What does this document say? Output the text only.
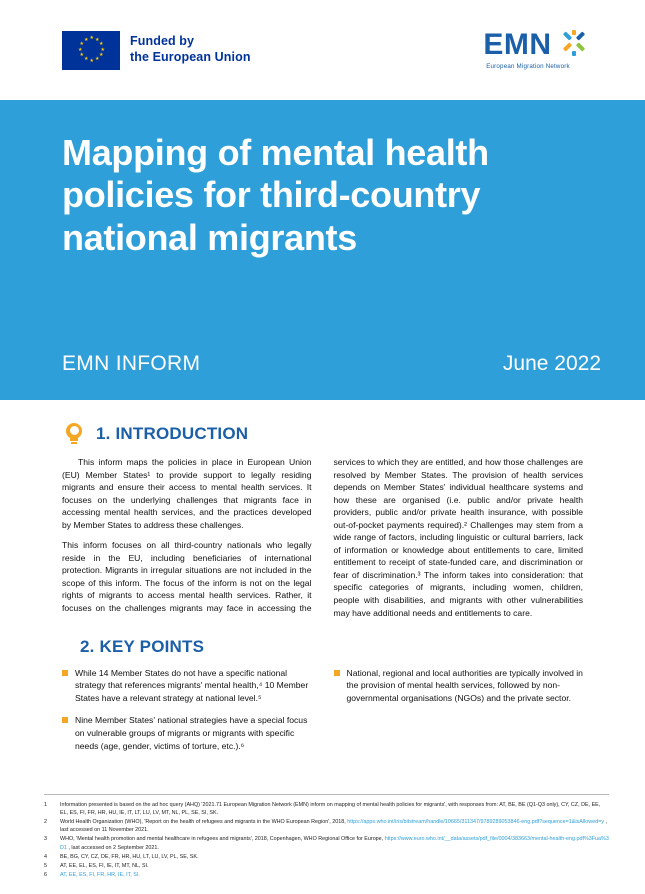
★ ★
★
★
★
★
★
★
★
★
★
★	Funded by
the European Union	EMN
European Migration Network
Mapping of mental health policies for third-country national migrants
EMN INFORM	June 2022
1. INTRODUCTION

This inform maps the policies in place in European Union (EU) Member States¹ to provide support to legally residing migrants and ensure their access to mental health services. It focuses on the underlying challenges that migrants face in accessing mental health services, and the practices developed by Member States to address these challenges.

This inform focuses on all third-country nationals who legally reside in the EU, including beneficiaries of international protection. Migrants in irregular situations are not included in the scope of this inform. The focus of the inform is not on the legal rights of migrants to access mental health services. Rather, it focuses on the challenges migrants may face in accessing the services to which they are entitled, and how those challenges are resolved by Member States. The provision of health services depends on Member States' individual healthcare systems and how these are organised (i.e. public and/or private health providers, public and/or private health insurance, with possible out-of-pocket payments required).² Challenges may stem from a wide range of factors, including linguistic or cultural barriers, lack of information or knowledge about entitlements to care, limited entitlement to receipt of state-funded care, and discrimination or fear of discrimination.³ The inform takes into consideration: that specific categories of migrants, including women, children, people with disabilities, and migrants with other vulnerabilities may have additional needs and entitlements to care.

2. KEY POINTS
While 14 Member States do not have a specific national strategy that references migrants' mental health,⁴ 10 Member States have a relevant strategy at national level.⁵
Nine Member States' national strategies have a special focus on vulnerable groups of migrants or migrants with specific needs (age, gender, victims of torture, etc.).⁶
National, regional and local authorities are typically involved in the provision of mental health services, followed by non-governmental organisations (NGOs) and the private sector.
1	Information presented is based on the ad hoc query (AHQ) '2021.71 European Migration Network (EMN) inform on mapping of mental health policies for migrants', with responses from: AT, BE, BE (Q1-Q3 only), CY, CZ, DE, EE, EL, ES, FI, FR, HR, HU, IE, IT, LT, LU, LV, MT, NL, PL, SE, SI, SK.
2	World Health Organization (WHO), 'Report on the health of refugees and migrants in the WHO European Region', 2018, https://apps.who.int/iris/bitstream/handle/10665/311347/9789289053846-eng.pdf?sequence=1&isAllowed=y , last accessed on 11 November 2021.
3	WHO, 'Mental health promotion and mental healthcare in refugees and migrants', 2018, Copenhagen, WHO Regional Office for Europe, https://www.euro.who.int/__data/assets/pdf_file/0004/383663/mental-health-eng.pdf%3Fua%3D1 , last accessed on 2 September 2021.
4	BE, BG, CY, CZ, DE, FR, HR, HU, LT, LU, LV, PL, SE, SK.
5	AT, EE, EL, ES, FI, IE, IT, MT, NL, SI.
6	AT, EE, ES, FI, FR, HR, IE, IT, SI.
